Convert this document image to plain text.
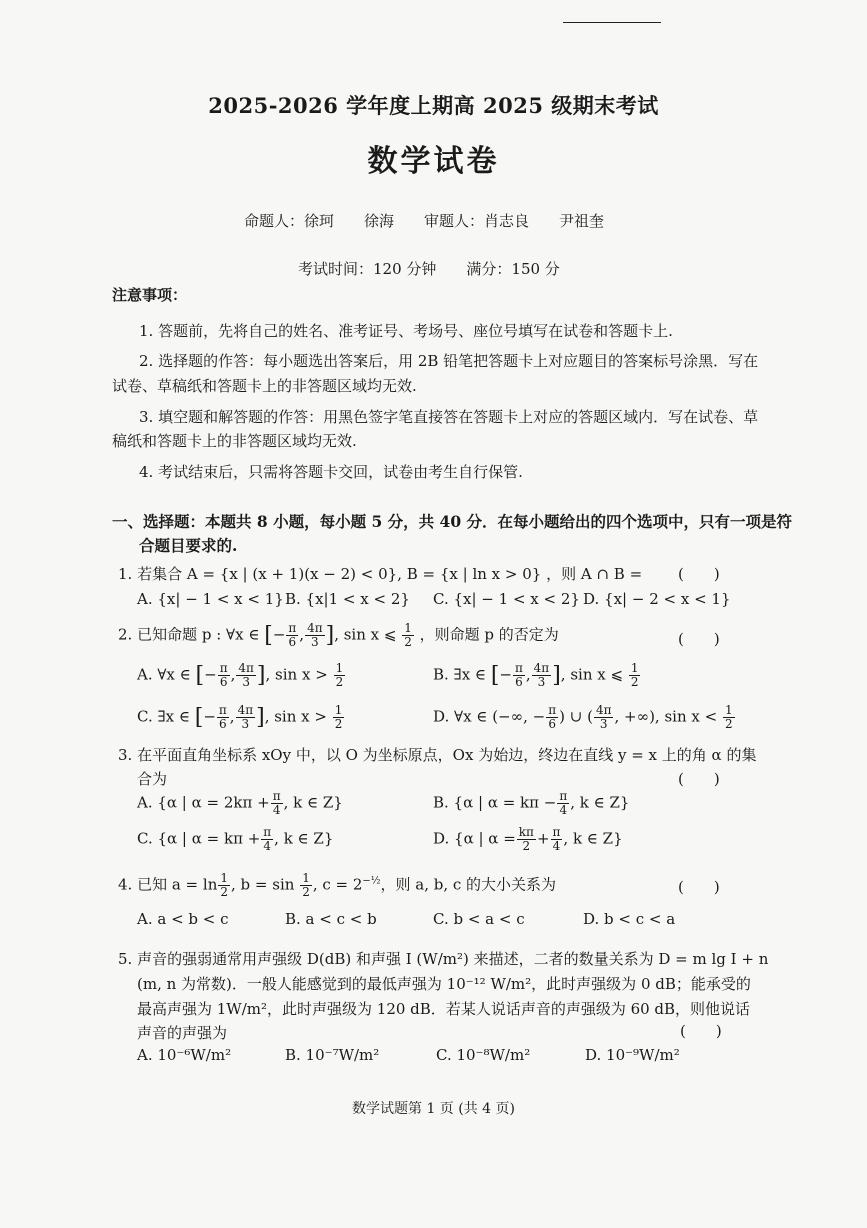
2025-2026 学年度上期高 2025 级期末考试
数学试卷
命题人：徐珂　　徐海　　审题人：肖志良　　尹祖奎
考试时间：120 分钟　　满分：150 分
注意事项：
1. 答题前，先将自己的姓名、准考证号、考场号、座位号填写在试卷和答题卡上.
2. 选择题的作答：每小题选出答案后，用 2B 铅笔把答题卡上对应题目的答案标号涂黑．写在
试卷、草稿纸和答题卡上的非答题区域均无效.
3. 填空题和解答题的作答：用黑色签字笔直接答在答题卡上对应的答题区域内．写在试卷、草
稿纸和答题卡上的非答题区域均无效.
4. 考试结束后，只需将答题卡交回，试卷由考生自行保管.
一、选择题：本题共 8 小题，每小题 5 分，共 40 分．在每小题给出的四个选项中，只有一项是符
合题目要求的.
1. 若集合 A = {x | (x + 1)(x − 2) < 0}, B = {x | ln x > 0} ，则 A ∩ B = (　　)
A. {x| − 1 < x < 1} B. {x|1 < x < 2} C. {x| − 1 < x < 2} D. {x| − 2 < x < 1}
2. 已知命题 p : ∀x ∈ [− $\frac{\pi}{6}$ , $\frac{4\pi}{3}$ ], sin x ⩽ $\frac{1}{2}$ ，则命题 p 的否定为	(　　)
A. ∀x ∈ [− $\frac{\pi}{6}$ , $\frac{4\pi}{3}$ ], $\sin x > \frac{1}{2}$	B. ∃x ∈ [− $\frac{\pi}{6}$ , $\frac{4\pi}{3}$ ], sin x ⩽ $\frac{1}{2}$
C. ∃x ∈ [− $\frac{\pi}{6}$ , $\frac{4\pi}{3}$ ], $\sin x > \frac{1}{2}$	D. ∀x ∈ (−∞, − $\frac{\pi}{6}$ ) ∪ ( $\frac{4\pi}{3}$ , +∞), $\sin x < \frac{1}{2}$
3. 在平面直角坐标系 xOy 中，以 O 为坐标原点，Ox 为始边，终边在直线 y = x 上的角 α 的集
合为	(　　)
A. {α | $\alpha = 2k\pi + \frac{\pi}{4}$ , k ∈ Z}	B. {α | $\alpha = k\pi - \frac{\pi}{4}$ , k ∈ Z}
C. {α | $\alpha = k\pi + \frac{\pi}{4}$ , k ∈ Z}	D. {α | $\alpha = \frac{k\pi}{2} + \frac{\pi}{4}$ , k ∈ Z}
4. 已知 $a = \ln \frac{1}{2}$ , $b = \sin \frac{1}{2}$ , $c = 2^{-\frac{1}{2}}$，则 a, b, c 的大小关系为	(　　)
A. a < b < c	B. a < c < b	C. b < a < c	D. b < c < a
5. 声音的强弱通常用声强级 D(dB) 和声强 I (W/m²) 来描述，二者的数量关系为 D = m lg I + n
(m, n 为常数)．一般人能感觉到的最低声强为 10⁻¹² W/m²，此时声强级为 0 dB；能承受的
最高声强为 1W/m²，此时声强级为 120 dB．若某人说话声音的声强级为 60 dB，则他说话
声音的声强为	(　　)
A. 10⁻⁶W/m²	B. 10⁻⁷W/m²	C. 10⁻⁸W/m²	D. 10⁻⁹W/m²
数学试题第 1 页 (共 4 页)
